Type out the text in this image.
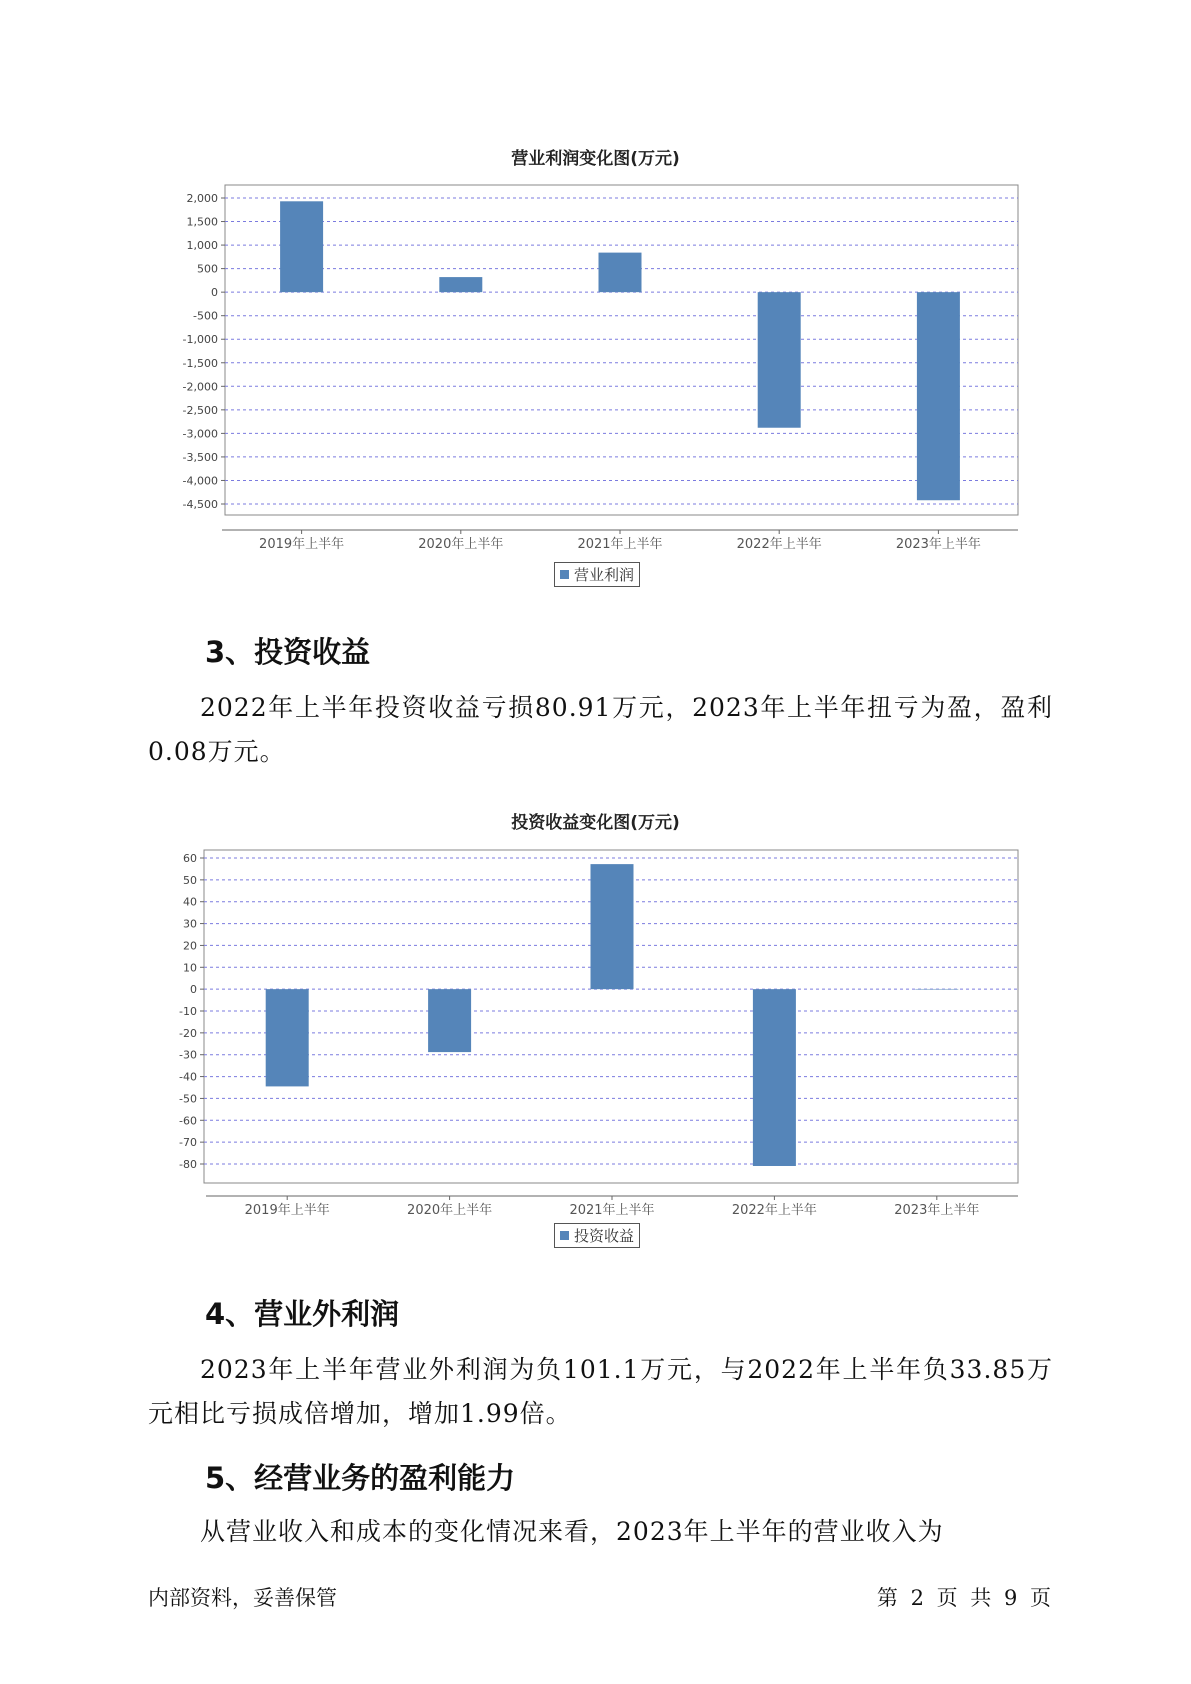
营业利润变化图(万元)
2,000
1,500
1,000
500
0
-500
-1,000
-1,500
-2,000
-2,500
-3,000
-3,500
-4,000
-4,500
2019年上半年	2020年上半年	2021年上半年	2022年上半年	2023年上半年
营业利润
3、投资收益
2022年上半年投资收益亏损80.91万元，2023年上半年扭亏为盈，盈利0.08万元。
投资收益变化图(万元)
60
50
40
30
20
10
0
-10
-20
-30
-40
-50
-60
-70
-80
2019年上半年	2020年上半年	2021年上半年	2022年上半年	2023年上半年
投资收益
4、营业外利润
2023年上半年营业外利润为负101.1万元，与2022年上半年负33.85万元相比亏损成倍增加，增加1.99倍。
5、经营业务的盈利能力
从营业收入和成本的变化情况来看，2023年上半年的营业收入为
内部资料，妥善保管	第 2 页 共 9 页
